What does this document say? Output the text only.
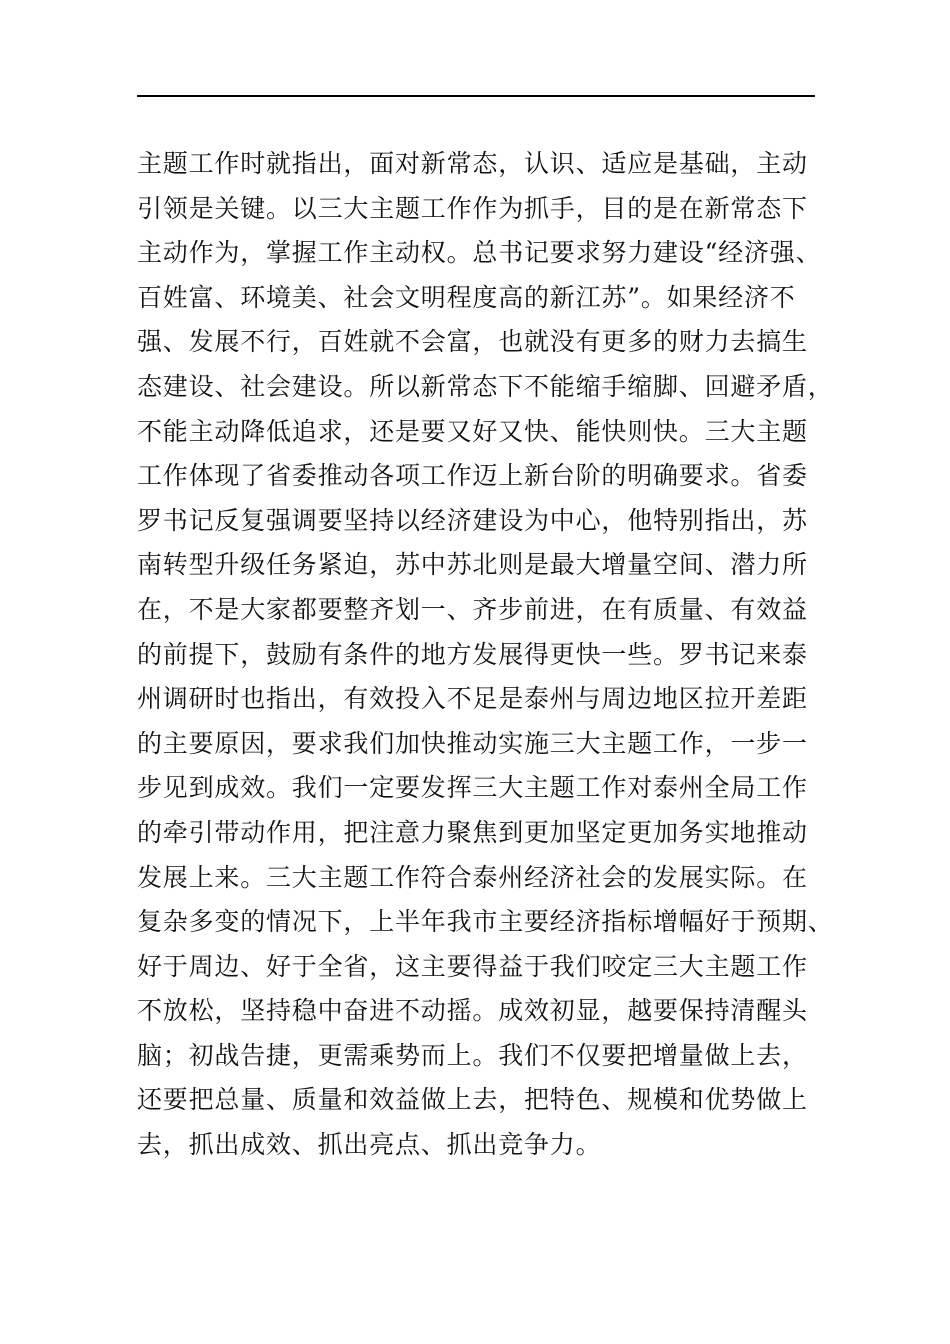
主题工作时就指出，面对新常态，认识、适应是基础，主动
引领是关键。以三大主题工作作为抓手，目的是在新常态下
主动作为，掌握工作主动权。总书记要求努力建设“经济强、
百姓富、环境美、社会文明程度高的新江苏”。如果经济不
强、发展不行，百姓就不会富，也就没有更多的财力去搞生
态建设、社会建设。所以新常态下不能缩手缩脚、回避矛盾，
不能主动降低追求，还是要又好又快、能快则快。三大主题
工作体现了省委推动各项工作迈上新台阶的明确要求。省委
罗书记反复强调要坚持以经济建设为中心，他特别指出，苏
南转型升级任务紧迫，苏中苏北则是最大增量空间、潜力所
在，不是大家都要整齐划一、齐步前进，在有质量、有效益
的前提下，鼓励有条件的地方发展得更快一些。罗书记来泰
州调研时也指出，有效投入不足是泰州与周边地区拉开差距
的主要原因，要求我们加快推动实施三大主题工作，一步一
步见到成效。我们一定要发挥三大主题工作对泰州全局工作
的牵引带动作用，把注意力聚焦到更加坚定更加务实地推动
发展上来。三大主题工作符合泰州经济社会的发展实际。在
复杂多变的情况下，上半年我市主要经济指标增幅好于预期、
好于周边、好于全省，这主要得益于我们咬定三大主题工作
不放松，坚持稳中奋进不动摇。成效初显，越要保持清醒头
脑；初战告捷，更需乘势而上。我们不仅要把增量做上去，
还要把总量、质量和效益做上去，把特色、规模和优势做上
去，抓出成效、抓出亮点、抓出竞争力。
